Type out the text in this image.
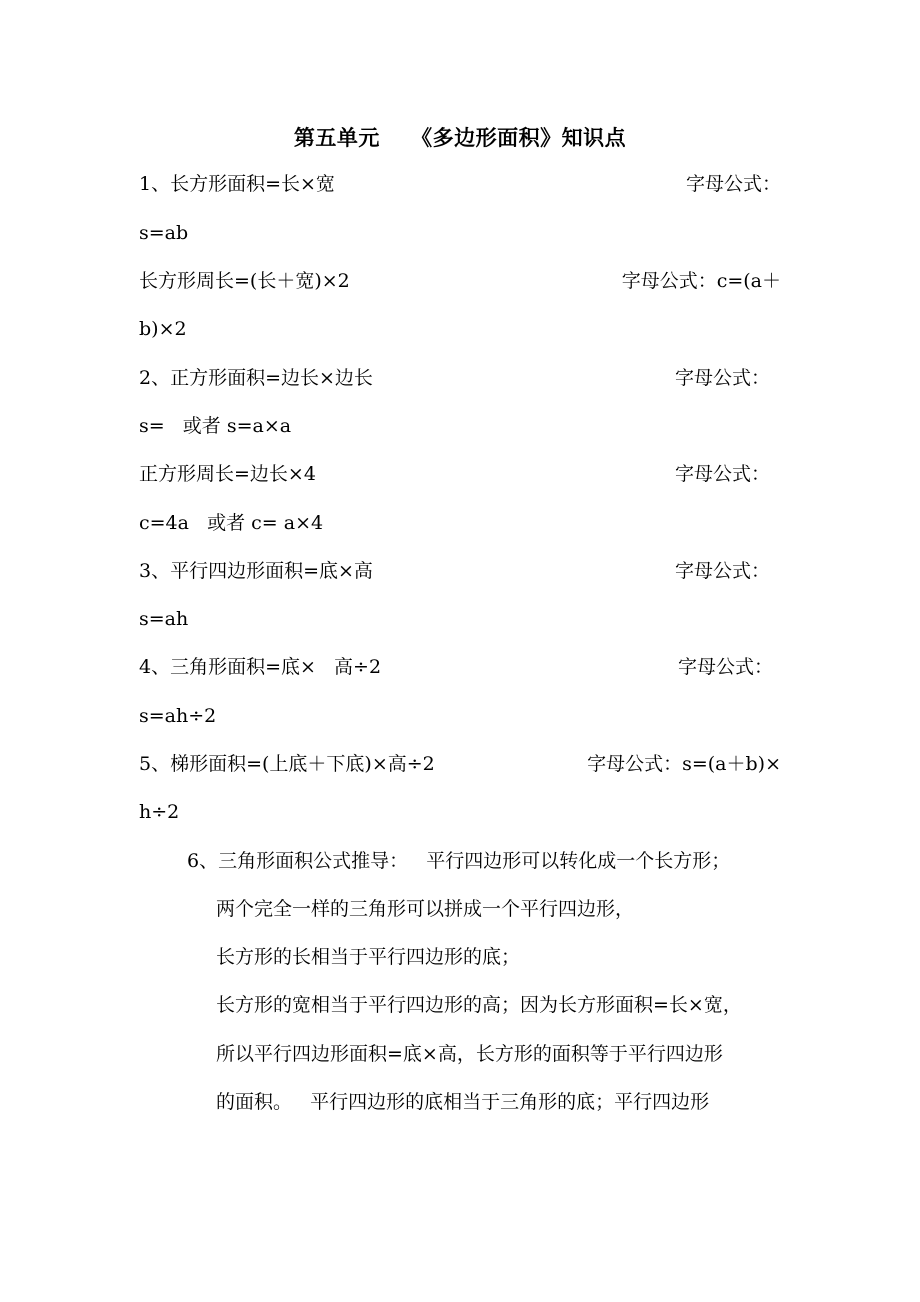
第五单元    《多边形面积》知识点
1、长方形面积=长×宽	字母公式：
s=ab
长方形周长=(长＋宽)×2	字母公式：c=(a＋
b)×2
2、正方形面积=边长×边长	字母公式：
s=   或者 s=a×a
正方形周长=边长×4	字母公式：
c=4a   或者 c= a×4
3、平行四边形面积=底×高	字母公式：
s=ah
4、三角形面积=底×   高÷2	字母公式：
s=ah÷2
5、梯形面积=(上底＋下底)×高÷2	字母公式：s=(a＋b)×
h÷2
6、三角形面积公式推导：   平行四边形可以转化成一个长方形；
两个完全一样的三角形可以拼成一个平行四边形，
长方形的长相当于平行四边形的底；
长方形的宽相当于平行四边形的高；因为长方形面积=长×宽，
所以平行四边形面积=底×高，长方形的面积等于平行四边形
的面积。   平行四边形的底相当于三角形的底；平行四边形
